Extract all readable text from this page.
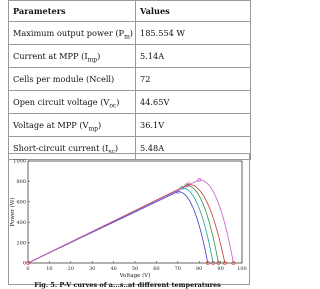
Parameters	Values
Maximum output power $(P_m)$	185.554 W
Current at MPP $(I_{mp})$	5.14A
Cells per module (Ncell)	72
Open circuit voltage $(V_{oc})$	44.65V
Voltage at MPP $(V_{mp})$	36.1V
Short-circuit current $(I_{sc})$	5.48A
0	10	20	30	40	50	60	70	80	90	100
0
200
400
600
800
1000
Voltage (V)
Power (W)
Fig. 5. P-V curves of a...s..at different temperatures
